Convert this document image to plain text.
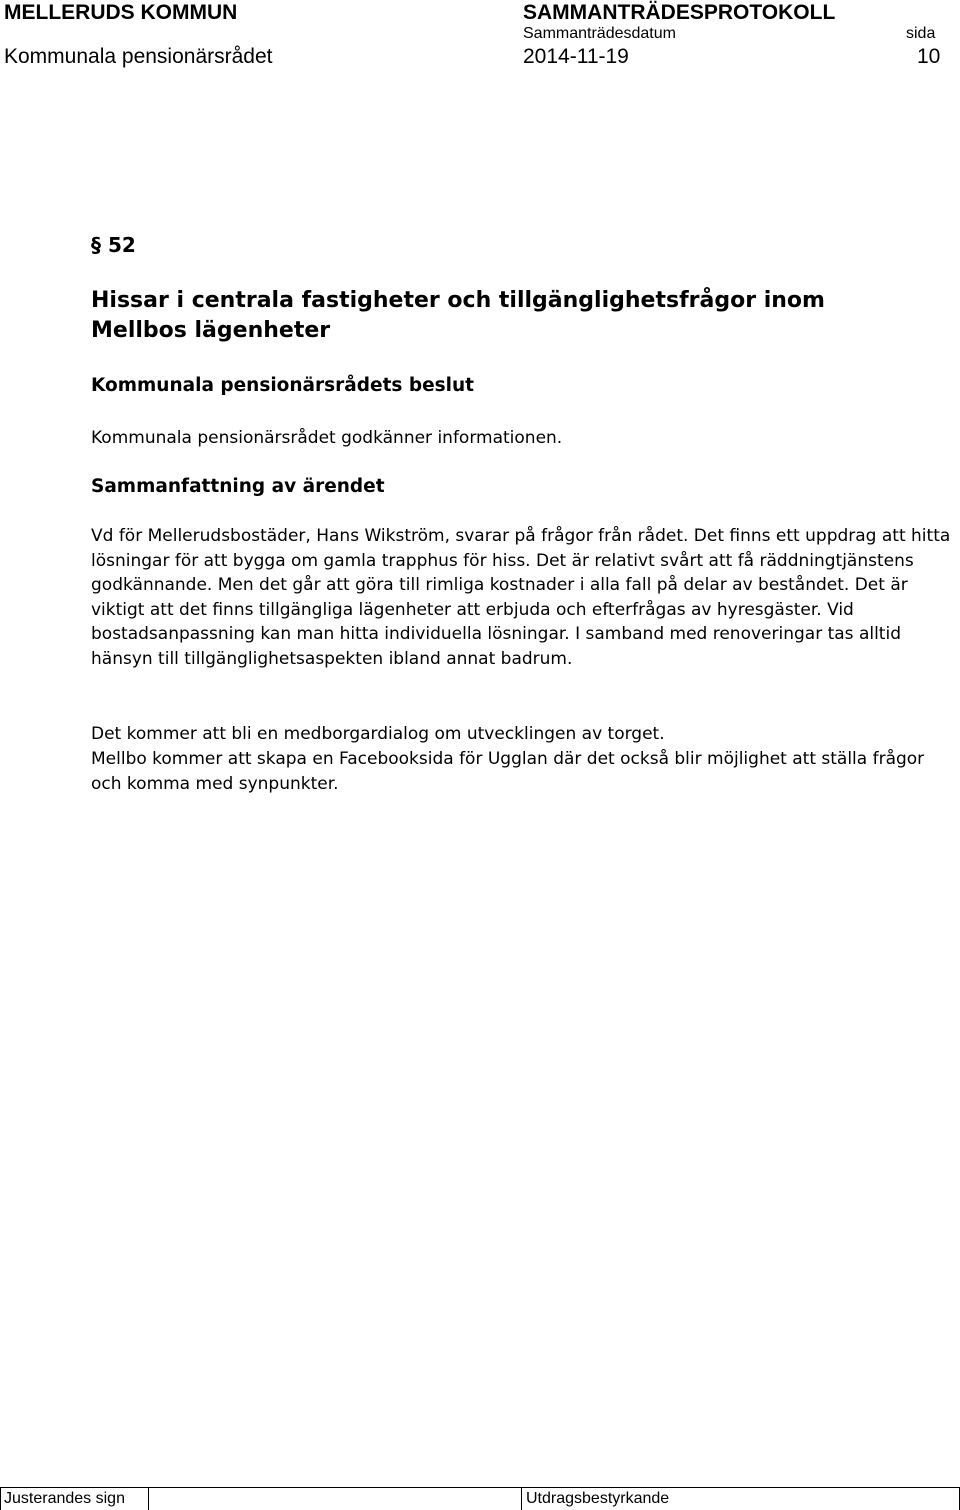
MELLERUDS KOMMUN	SAMMANTRÄDESPROTOKOLL
Sammanträdesdatum	sida
Kommunala pensionärsrådet	2014-11-19	10
§ 52
Hissar i centrala fastigheter och tillgänglighetsfrågor inom Mellbos lägenheter
Kommunala pensionärsrådets beslut
Kommunala pensionärsrådet godkänner informationen.
Sammanfattning av ärendet
Vd för Mellerudsbostäder, Hans Wikström, svarar på frågor från rådet. Det finns ett uppdrag att hitta lösningar för att bygga om gamla trapphus för hiss. Det är relativt svårt att få räddningtjänstens godkännande. Men det går att göra till rimliga kostnader i alla fall på delar av beståndet. Det är viktigt att det finns tillgängliga lägenheter att erbjuda och efterfrågas av hyresgäster. Vid bostadsanpassning kan man hitta individuella lösningar. I samband med renoveringar tas alltid hänsyn till tillgänglighetsaspekten ibland annat badrum.
Det kommer att bli en medborgardialog om utvecklingen av torget.
Mellbo kommer att skapa en Facebooksida för Ugglan där det också blir möjlighet att ställa frågor och komma med synpunkter.
Justerandes sign	Utdragsbestyrkande
